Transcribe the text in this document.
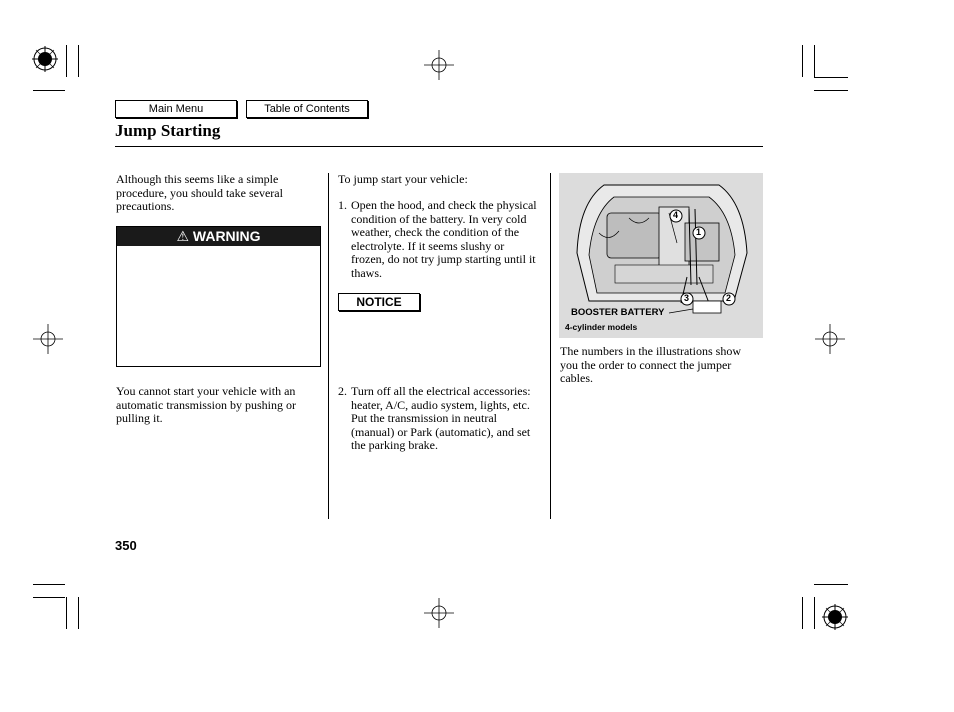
Main Menu	Table of Contents
Jump Starting
Although this seems like a simple procedure, you should take several precautions.
⚠ WARNING
You cannot start your vehicle with an automatic transmission by pushing or pulling it.
To jump start your vehicle:
1. Open the hood, and check the physical condition of the battery. In very cold weather, check the condition of the electrolyte. If it seems slushy or frozen, do not try jump starting until it thaws.
NOTICE
2. Turn off all the electrical accessories: heater, A/C, audio system, lights, etc. Put the transmission in neutral (manual) or Park (automatic), and set the parking brake.
4
1
3	2
BOOSTER BATTERY
4-cylinder models
The numbers in the illustrations show you the order to connect the jumper cables.
350
